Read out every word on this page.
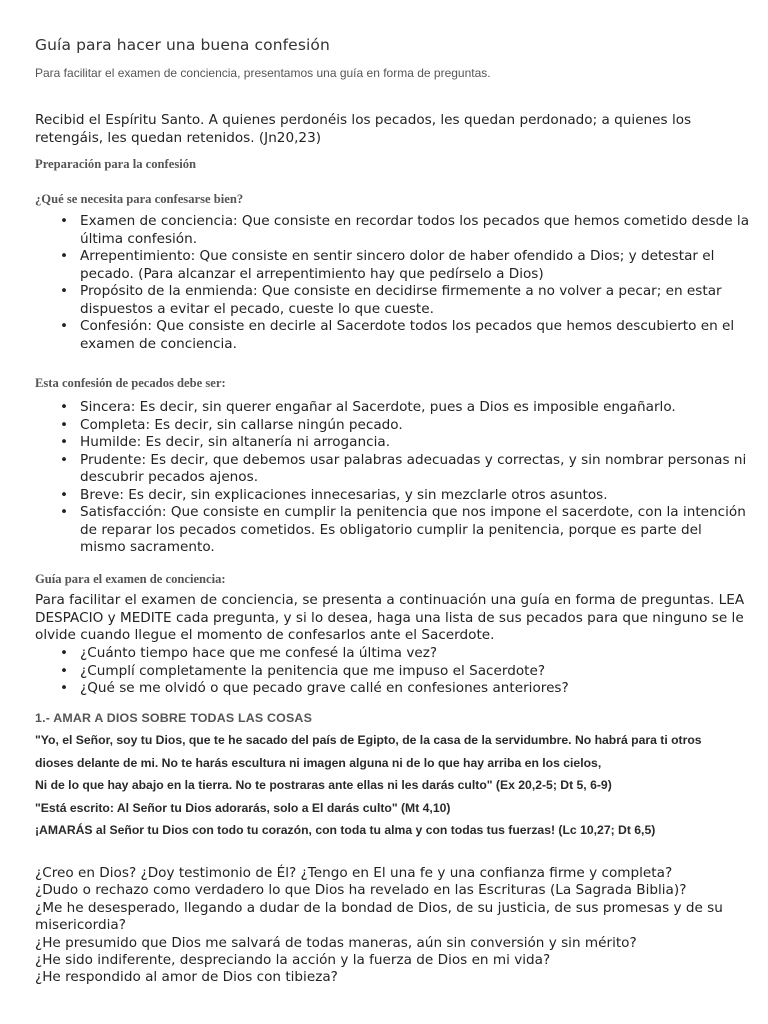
Guía para hacer una buena confesión
Para facilitar el examen de conciencia, presentamos una guía en forma de preguntas.
Recibid el Espíritu Santo. A quienes perdonéis los pecados, les quedan perdonado; a quienes los retengáis, les quedan retenidos. (Jn20,23)
Preparación para la confesión
¿Qué se necesita para confesarse bien?
• Examen de conciencia: Que consiste en recordar todos los pecados que hemos cometido desde la última confesión.
• Arrepentimiento: Que consiste en sentir sincero dolor de haber ofendido a Dios; y detestar el pecado. (Para alcanzar el arrepentimiento hay que pedírselo a Dios)
• Propósito de la enmienda: Que consiste en decidirse firmemente a no volver a pecar; en estar dispuestos a evitar el pecado, cueste lo que cueste.
• Confesión: Que consiste en decirle al Sacerdote todos los pecados que hemos descubierto en el examen de conciencia.
Esta confesión de pecados debe ser:
• Sincera: Es decir, sin querer engañar al Sacerdote, pues a Dios es imposible engañarlo.
• Completa: Es decir, sin callarse ningún pecado.
• Humilde: Es decir, sin altanería ni arrogancia.
• Prudente: Es decir, que debemos usar palabras adecuadas y correctas, y sin nombrar personas ni descubrir pecados ajenos.
• Breve: Es decir, sin explicaciones innecesarias, y sin mezclarle otros asuntos.
• Satisfacción: Que consiste en cumplir la penitencia que nos impone el sacerdote, con la intención de reparar los pecados cometidos. Es obligatorio cumplir la penitencia, porque es parte del mismo sacramento.
Guía para el examen de conciencia:
Para facilitar el examen de conciencia, se presenta a continuación una guía en forma de preguntas. LEA DESPACIO y MEDITE cada pregunta, y si lo desea, haga una lista de sus pecados para que ninguno se le olvide cuando llegue el momento de confesarlos ante el Sacerdote.
• ¿Cuánto tiempo hace que me confesé la última vez?
• ¿Cumplí completamente la penitencia que me impuso el Sacerdote?
• ¿Qué se me olvidó o que pecado grave callé en confesiones anteriores?
1.- AMAR A DIOS SOBRE TODAS LAS COSAS
"Yo, el Señor, soy tu Dios, que te he sacado del país de Egipto, de la casa de la servidumbre. No habrá para ti otros
dioses delante de mi. No te harás escultura ni imagen alguna ni de lo que hay arriba en los cielos,
Ni de lo que hay abajo en la tierra. No te postraras ante ellas ni les darás culto" (Ex 20,2-5; Dt 5, 6-9)
"Está escrito: Al Señor tu Dios adorarás, solo a El darás culto" (Mt 4,10)
¡AMARÁS al Señor tu Dios con todo tu corazón, con toda tu alma y con todas tus fuerzas! (Lc 10,27; Dt 6,5)
¿Creo en Dios? ¿Doy testimonio de Él? ¿Tengo en El una fe y una confianza firme y completa?
¿Dudo o rechazo como verdadero lo que Dios ha revelado en las Escrituras (La Sagrada Biblia)?
¿Me he desesperado, llegando a dudar de la bondad de Dios, de su justicia, de sus promesas y de su misericordia?
¿He presumido que Dios me salvará de todas maneras, aún sin conversión y sin mérito?
¿He sido indiferente, despreciando la acción y la fuerza de Dios en mi vida?
¿He respondido al amor de Dios con tibieza?
